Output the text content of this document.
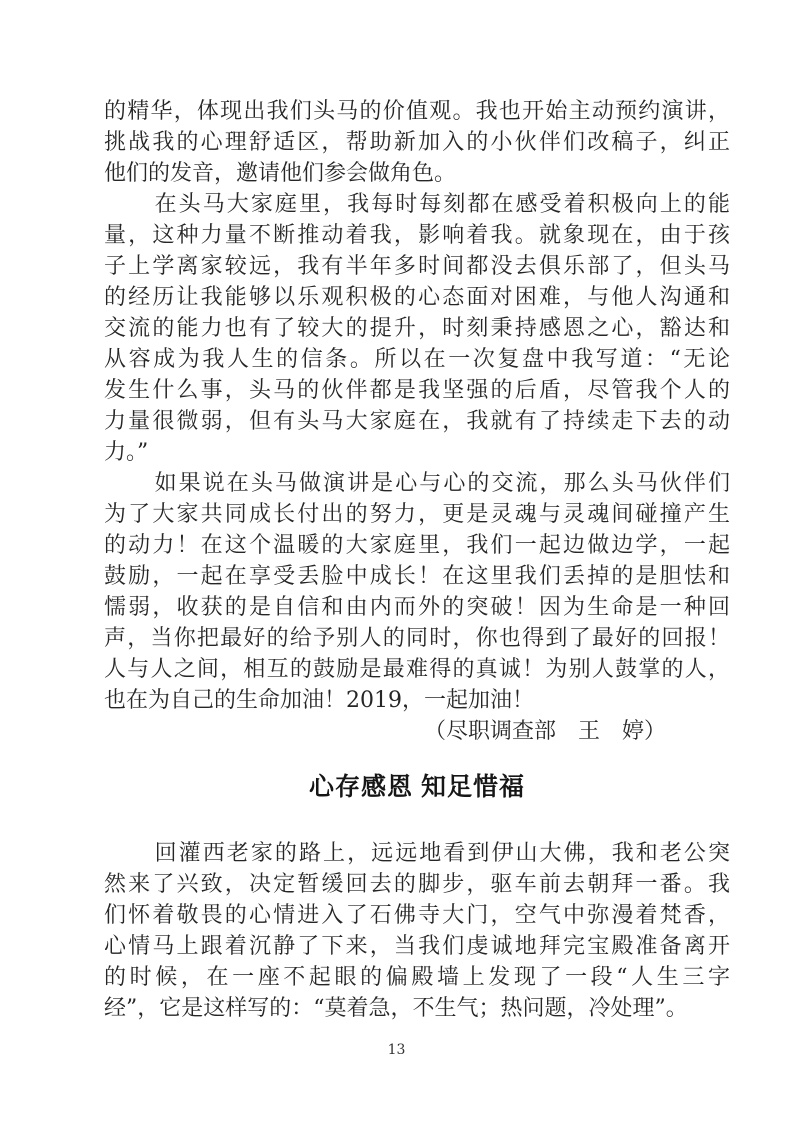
的精华，体现出我们头马的价值观。我也开始主动预约演讲，
挑战我的心理舒适区，帮助新加入的小伙伴们改稿子，纠正
他们的发音，邀请他们参会做角色。
在头马大家庭里，我每时每刻都在感受着积极向上的能
量，这种力量不断推动着我，影响着我。就象现在，由于孩
子上学离家较远，我有半年多时间都没去俱乐部了，但头马
的经历让我能够以乐观积极的心态面对困难，与他人沟通和
交流的能力也有了较大的提升，时刻秉持感恩之心，豁达和
从容成为我人生的信条。所以在一次复盘中我写道：“无论
发生什么事，头马的伙伴都是我坚强的后盾，尽管我个人的
力量很微弱，但有头马大家庭在，我就有了持续走下去的动
力。”
如果说在头马做演讲是心与心的交流，那么头马伙伴们
为了大家共同成长付出的努力，更是灵魂与灵魂间碰撞产生
的动力！在这个温暖的大家庭里，我们一起边做边学，一起
鼓励，一起在享受丢脸中成长！在这里我们丢掉的是胆怯和
懦弱，收获的是自信和由内而外的突破！因为生命是一种回
声，当你把最好的给予别人的同时，你也得到了最好的回报！
人与人之间，相互的鼓励是最难得的真诚！为别人鼓掌的人，
也在为自己的生命加油！2019，一起加油！
（尽职调查部　王　婷）
心存感恩 知足惜福
回灌西老家的路上，远远地看到伊山大佛，我和老公突
然来了兴致，决定暂缓回去的脚步，驱车前去朝拜一番。我
们怀着敬畏的心情进入了石佛寺大门，空气中弥漫着梵香，
心情马上跟着沉静了下来，当我们虔诚地拜完宝殿准备离开
的时候，在一座不起眼的偏殿墙上发现了一段“人生三字
经”，它是这样写的：“莫着急，不生气；热问题，冷处理”。
13
